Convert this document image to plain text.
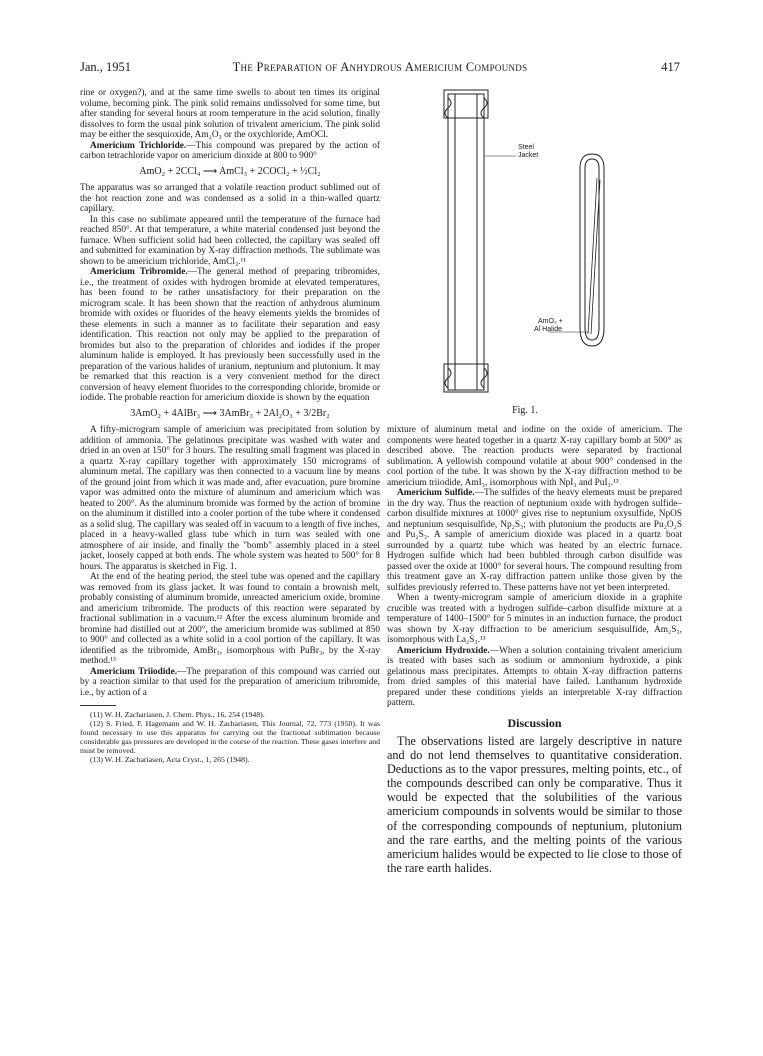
Jan., 1951	The Preparation of Anhydrous Americium Compounds	417

rine or oxygen?), and at the same time swells to about ten times its original volume, becoming pink. The pink solid remains undissolved for some time, but after standing for several hours at room temperature in the acid solution, finally dissolves to form the usual pink solution of trivalent americium. The pink solid may be either the sesquioxide, Am₂O₃ or the oxychloride, AmOCl.

Americium Trichloride.—This compound was prepared by the action of carbon tetrachloride vapor on americium dioxide at 800 to 900°

AmO₂ + 2CCl₄ ⟶ AmCl₃ + 2COCl₂ + ½Cl₂

The apparatus was so arranged that a volatile reaction product sublimed out of the hot reaction zone and was condensed as a solid in a thin-walled quartz capillary.

In this case no sublimate appeared until the temperature of the furnace had reached 850°. At that temperature, a white material condensed just beyond the furnace. When sufficient solid had been collected, the capillary was sealed off and submitted for examination by X-ray diffraction methods. The sublimate was shown to be americium trichloride, AmCl₃.¹¹

Americium Tribromide.—The general method of preparing tribromides, i.e., the treatment of oxides with hydrogen bromide at elevated temperatures, has been found to be rather unsatisfactory for their preparation on the microgram scale. It has been shown that the reaction of anhydrous aluminum bromide with oxides or fluorides of the heavy elements yields the bromides of these elements in such a manner as to facilitate their separation and easy identification. This reaction not only may be applied to the preparation of bromides but also to the preparation of chlorides and iodides if the proper aluminum halide is employed. It has previously been successfully used in the preparation of the various halides of uranium, neptunium and plutonium. It may be remarked that this reaction is a very convenient method for the direct conversion of heavy element fluorides to the corresponding chloride, bromide or iodide. The probable reaction for americium dioxide is shown by the equation

3AmO₂ + 4AlBr₃ ⟶ 3AmBr₃ + 2Al₂O₃ + 3/2Br₂

A fifty-microgram sample of americium was precipitated from solution by addition of ammonia. The gelatinous precipitate was washed with water and dried in an oven at 150° for 3 hours. The resulting small fragment was placed in a quartz X-ray capillary together with approximately 150 micrograms of aluminum metal. The capillary was then connected to a vacuum line by means of the ground joint from which it was made and, after evacuation, pure bromine vapor was admitted onto the mixture of aluminum and americium which was heated to 200°. As the aluminum bromide was formed by the action of bromine on the aluminum it distilled into a cooler portion of the tube where it condensed as a solid slug. The capillary was sealed off in vacuum to a length of five inches, placed in a heavy-walled glass tube which in turn was sealed with one atmosphere of air inside, and finally the "bomb" assembly placed in a steel jacket, loosely capped at both ends. The whole system was heated to 500° for 8 hours. The apparatus is sketched in Fig. 1.

At the end of the heating period, the steel tube was opened and the capillary was removed from its glass jacket. It was found to contain a brownish melt, probably consisting of aluminum bromide, unreacted americium oxide, bromine and americium tribromide. The products of this reaction were separated by fractional sublimation in a vacuum.¹² After the excess aluminum bromide and bromine had distilled out at 200°, the americium bromide was sublimed at 850 to 900° and collected as a white solid in a cool portion of the capillary. It was identified as the tribromide, AmBr₃, isomorphous with PuBr₃, by the X-ray method.¹³

Americium Triiodide.—The preparation of this compound was carried out by a reaction similar to that used for the preparation of americium tribromide, i.e., by action of a

(11) W. H. Zachariasen, J. Chem. Phys., 16, 254 (1948).

(12) S. Fried, F. Hagemann and W. H. Zachariasen, This Journal, 72, 773 (1950). It was found necessary to use this apparatus for carrying out the fractional sublimation because considerable gas pressures are developed in the course of the reaction. These gases interfere and must be removed.

(13) W. H. Zachariasen, Acta Cryst., 1, 265 (1948).

Steel
Jacket
AmO₂ +
Al Halide
Fig. 1.

mixture of aluminum metal and iodine on the oxide of americium. The components were heated together in a quartz X-ray capillary bomb at 500° as described above. The reaction products were separated by fractional sublimation. A yellowish compound volatile at about 900° condensed in the cool portion of the tube. It was shown by the X-ray diffraction method to be americium triiodide, AmI₃, isomorphous with NpI₃ and PuI₃.¹³

Americium Sulfide.—The sulfides of the heavy elements must be prepared in the dry way. Thus the reaction of neptunium oxide with hydrogen sulfide–carbon disulfide mixtures at 1000° gives rise to neptunium oxysulfide, NpOS and neptunium sesquisulfide, Np₂S₃; with plutonium the products are Pu₂O₂S and Pu₂S₃. A sample of americium dioxide was placed in a quartz boat surrounded by a quartz tube which was heated by an electric furnace. Hydrogen sulfide which had been bubbled through carbon disulfide was passed over the oxide at 1000° for several hours. The compound resulting from this treatment gave an X-ray diffraction pattern unlike those given by the sulfides previously referred to. These patterns have not yet been interpreted.

When a twenty-microgram sample of americium dioxide in a graphite crucible was treated with a hydrogen sulfide–carbon disulfide mixture at a temperature of 1400–1500° for 5 minutes in an induction furnace, the product was shown by X-ray diffraction to be americium sesquisulfide, Am₂S₃, isomorphous with La₂S₃.¹³

Americium Hydroxide.—When a solution containing trivalent americium is treated with bases such as sodium or ammonium hydroxide, a pink gelatinous mass precipitates. Attempts to obtain X-ray diffraction patterns from dried samples of this material have failed. Lanthanum hydroxide prepared under these conditions yields an interpretable X-ray diffraction pattern.

Discussion

The observations listed are largely descriptive in nature and do not lend themselves to quantitative consideration. Deductions as to the vapor pressures, melting points, etc., of the compounds described can only be comparative. Thus it would be expected that the solubilities of the various americium compounds in solvents would be similar to those of the corresponding compounds of neptunium, plutonium and the rare earths, and the melting points of the various americium halides would be expected to lie close to those of the rare earth halides.
